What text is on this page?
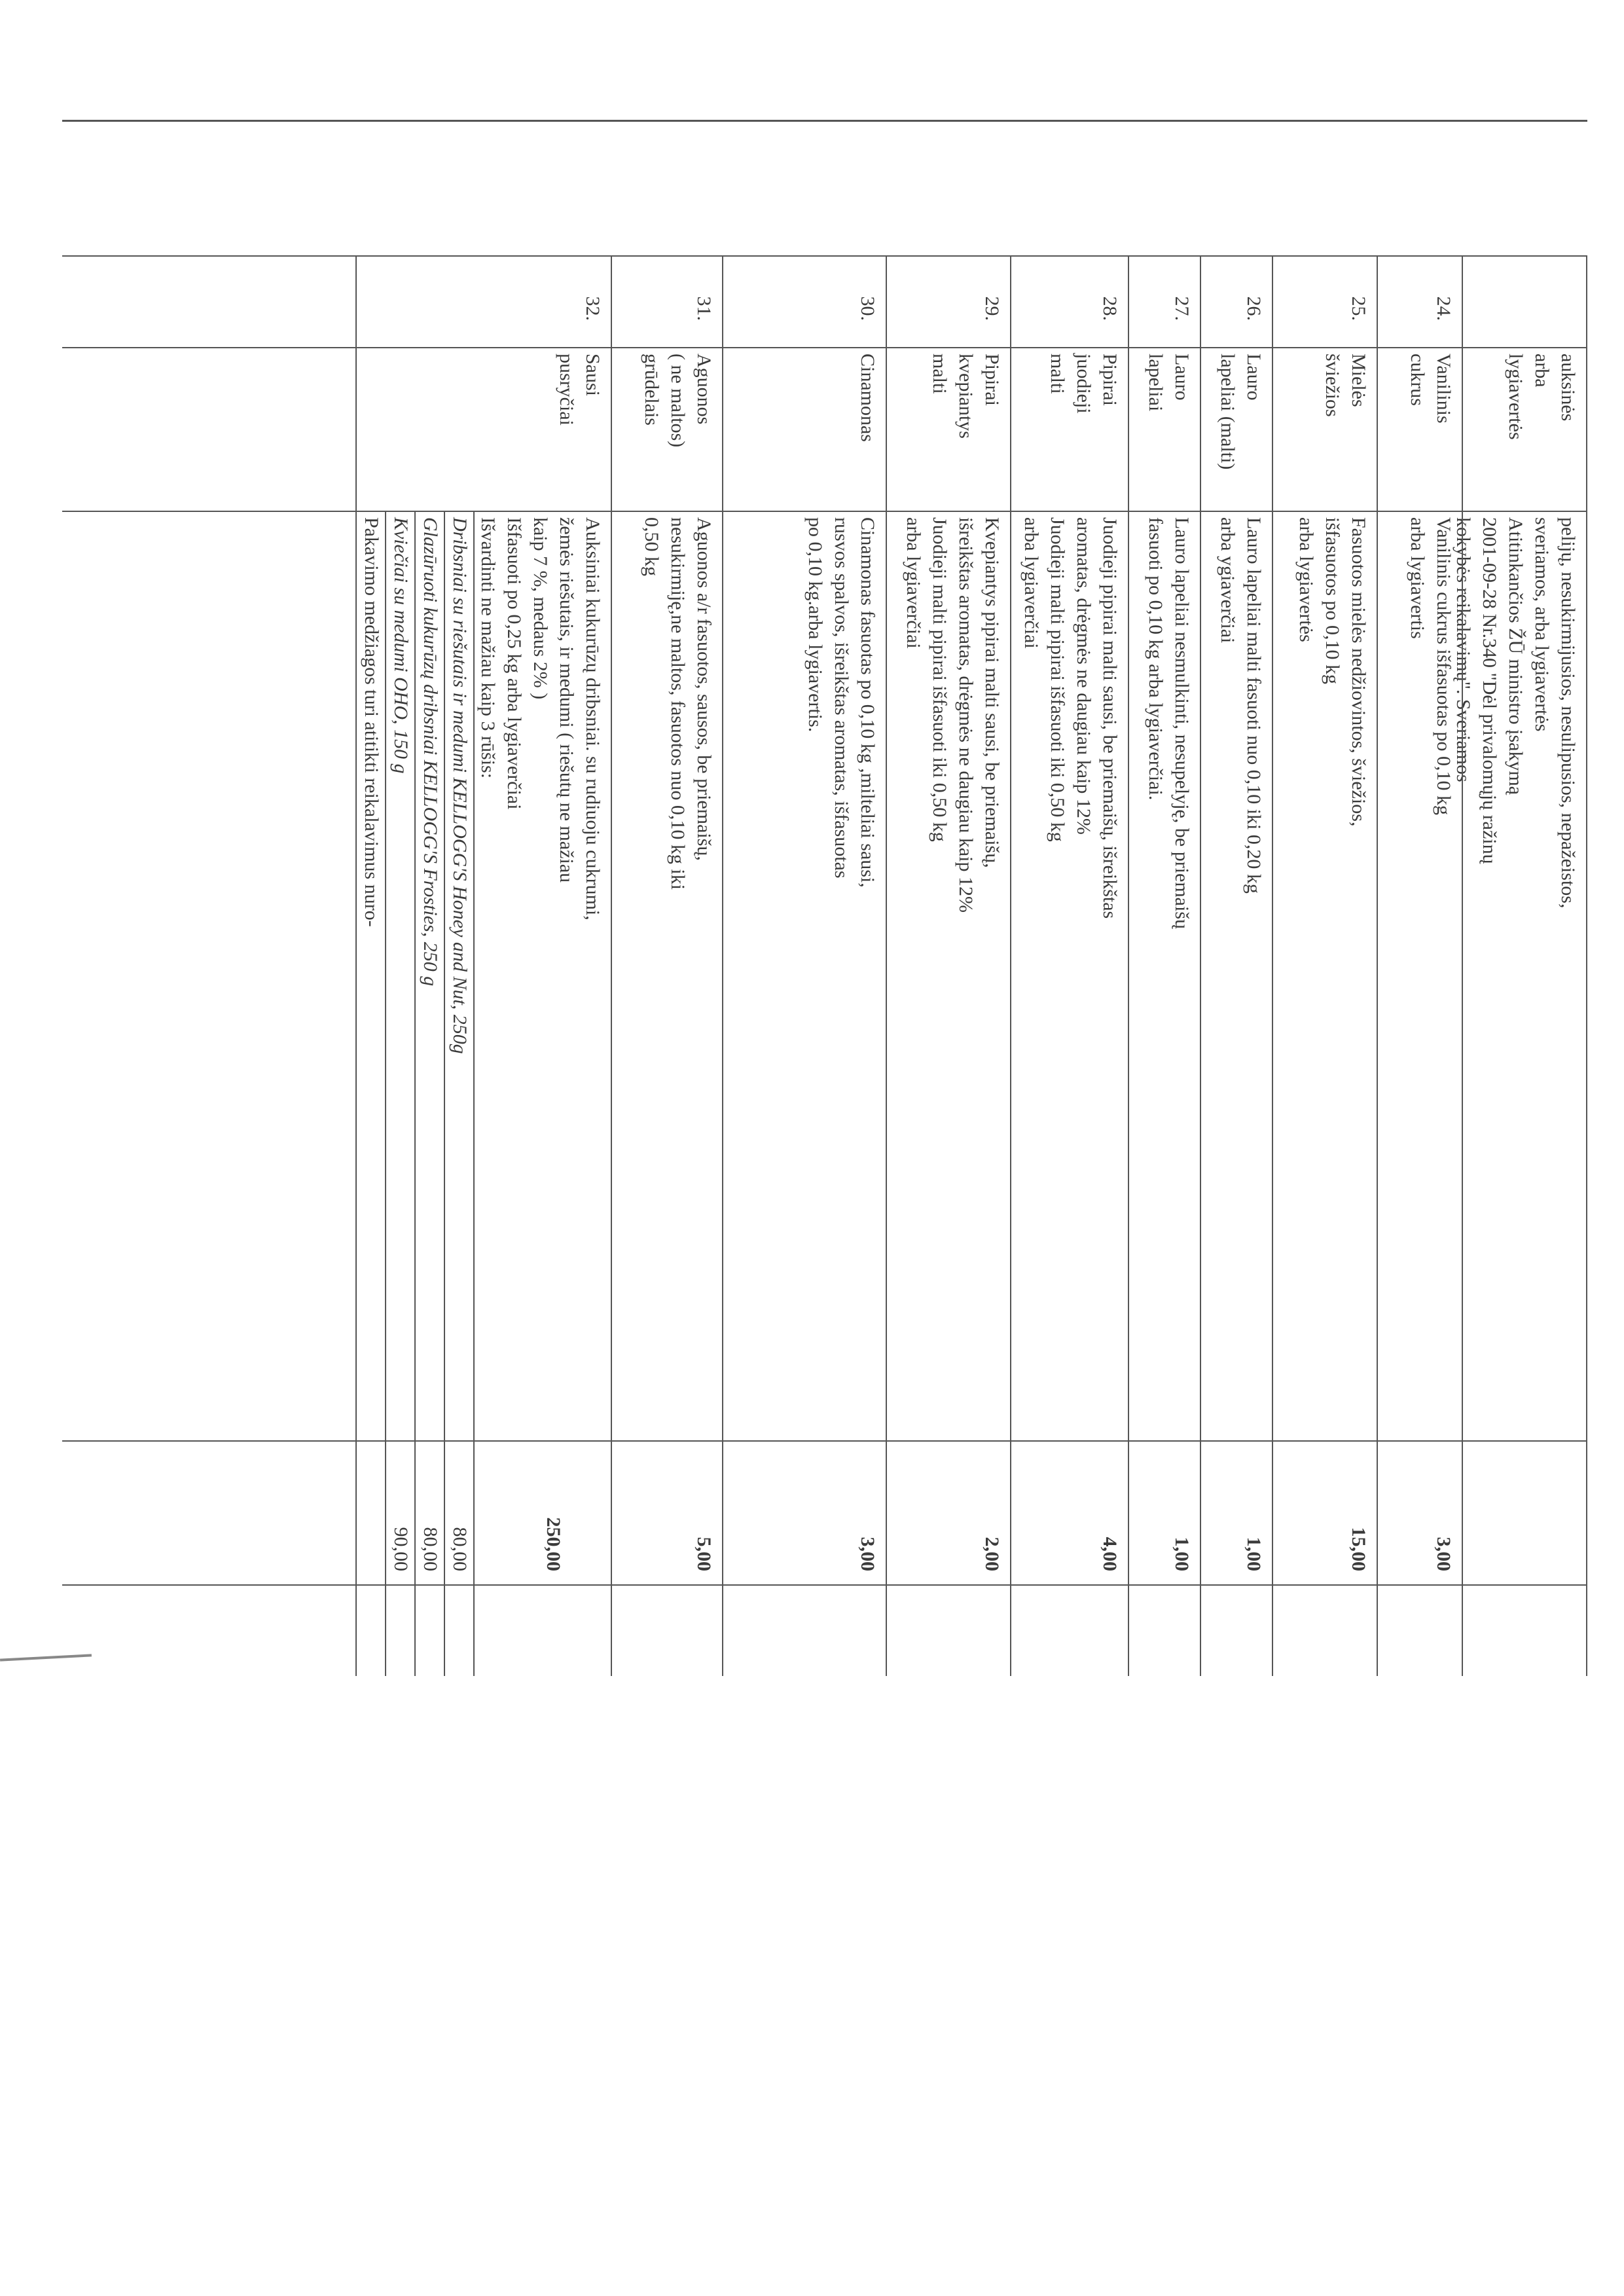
auksinės
arba
lygiavertės
pelijų, nesukirmijusios, nesulipusios, nepažeistos,
sveriamos, arba lygiavertės
Atitinkančios ŽŪ ministro įsakymą
2001-09-28 Nr.340 "Dėl privalomųjų ražinų
kokybės reikalavimų". Sveriamos
24.
Vanilinis
cukrus
Vanilinis cukrus išfasuotas po 0,10 kg
arba lygiavertis
3,00
25.
Mielės
šviežios
Fasuotos mielės nedžiovintos, šviežios,
išfasuotos po 0,10 kg
arba lygiavertės
15,00
26.
Lauro
lapeliai (malti)
Lauro lapeliai malti fasuoti nuo 0,10 iki 0,20 kg
arba ygiaverčiai
1,00
27.
Lauro
lapeliai
Lauro lapeliai nesmulkinti, nesupelyję, be priemaišų
fasuoti po 0,10 kg arba lygiaverčiai.
1,00
28.
Pipirai
juodieji
malti
Juodieji pipirai malti sausi, be priemaišų, išreikštas
aromatas, drėgmės ne daugiau kaip 12%
Juodieji malti pipirai išfasuoti iki 0,50 kg
arba lygiaverčiai
4,00
29.
Pipirai
kvepiantys
malti
Kvepiantys pipirai malti sausi, be priemaišų,
išreikštas aromatas, drėgmės ne daugiau kaip 12%
Juodieji malti pipirai išfasuoti iki 0,50 kg
arba lygiaverčiai
2,00
30.
Cinamonas
Cinamonas fasuotas po 0,10 kg ,milteliai sausi,
rusvos spalvos, išreikštas aromatas, išfasuotas
po 0,10 kg.arba lygiavertis.
3,00
31.
Aguonos
( ne maltos)
grūdelais
Aguonos a/r fasuotos, sausos, be priemaišų,
nesukirmiję,ne maltos, fasuotos nuo 0,10 kg iki
0,50 kg
5,00
32.
Sausi
pusryčiai
Auksiniai kukurūzų dribsniai. su rudiuoju cukrumi,
žemės riešutais, ir medumi ( riešutų ne mažiau
kaip 7 %, medaus 2% )
Išfasuoti po 0,25 kg arba lygiaverčiai
Išvardinti ne mažiau kaip 3 rūšis:
250,00
Dribsniai su riešutais ir medumi KELLOGG'S Honey and Nut, 250g
80,00
Glazūruoti kukurūzų dribsniai KELLOGG'S Frosties, 250 g
80,00
Kviečiai su medumi OHO, 150 g
90,00
Pakavimo medžiagos turi atitikti reikalavimus nuro-
